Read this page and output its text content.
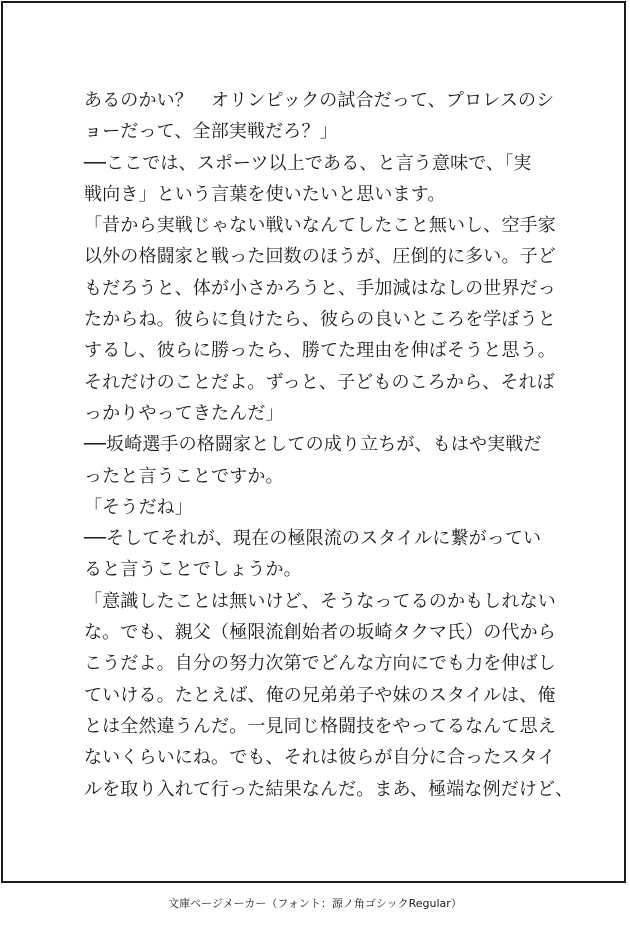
あるのかい？　オリンピックの試合だって、プロレスのシ
ョーだって、全部実戦だろ？」
──ここでは、スポーツ以上である、と言う意味で、「実
戦向き」という言葉を使いたいと思います。
「昔から実戦じゃない戦いなんてしたこと無いし、空手家
以外の格闘家と戦った回数のほうが、圧倒的に多い。子ど
もだろうと、体が小さかろうと、手加減はなしの世界だっ
たからね。彼らに負けたら、彼らの良いところを学ぼうと
するし、彼らに勝ったら、勝てた理由を伸ばそうと思う。
それだけのことだよ。ずっと、子どものころから、それば
っかりやってきたんだ」
──坂崎選手の格闘家としての成り立ちが、もはや実戦だ
ったと言うことですか。
「そうだね」
──そしてそれが、現在の極限流のスタイルに繋がってい
ると言うことでしょうか。
「意識したことは無いけど、そうなってるのかもしれない
な。でも、親父（極限流創始者の坂崎タクマ氏）の代から
こうだよ。自分の努力次第でどんな方向にでも力を伸ばし
ていける。たとえば、俺の兄弟弟子や妹のスタイルは、俺
とは全然違うんだ。一見同じ格闘技をやってるなんて思え
ないくらいにね。でも、それは彼らが自分に合ったスタイ
ルを取り入れて行った結果なんだ。まあ、極端な例だけど、
文庫ページメーカー（フォント：源ノ角ゴシックRegular）
